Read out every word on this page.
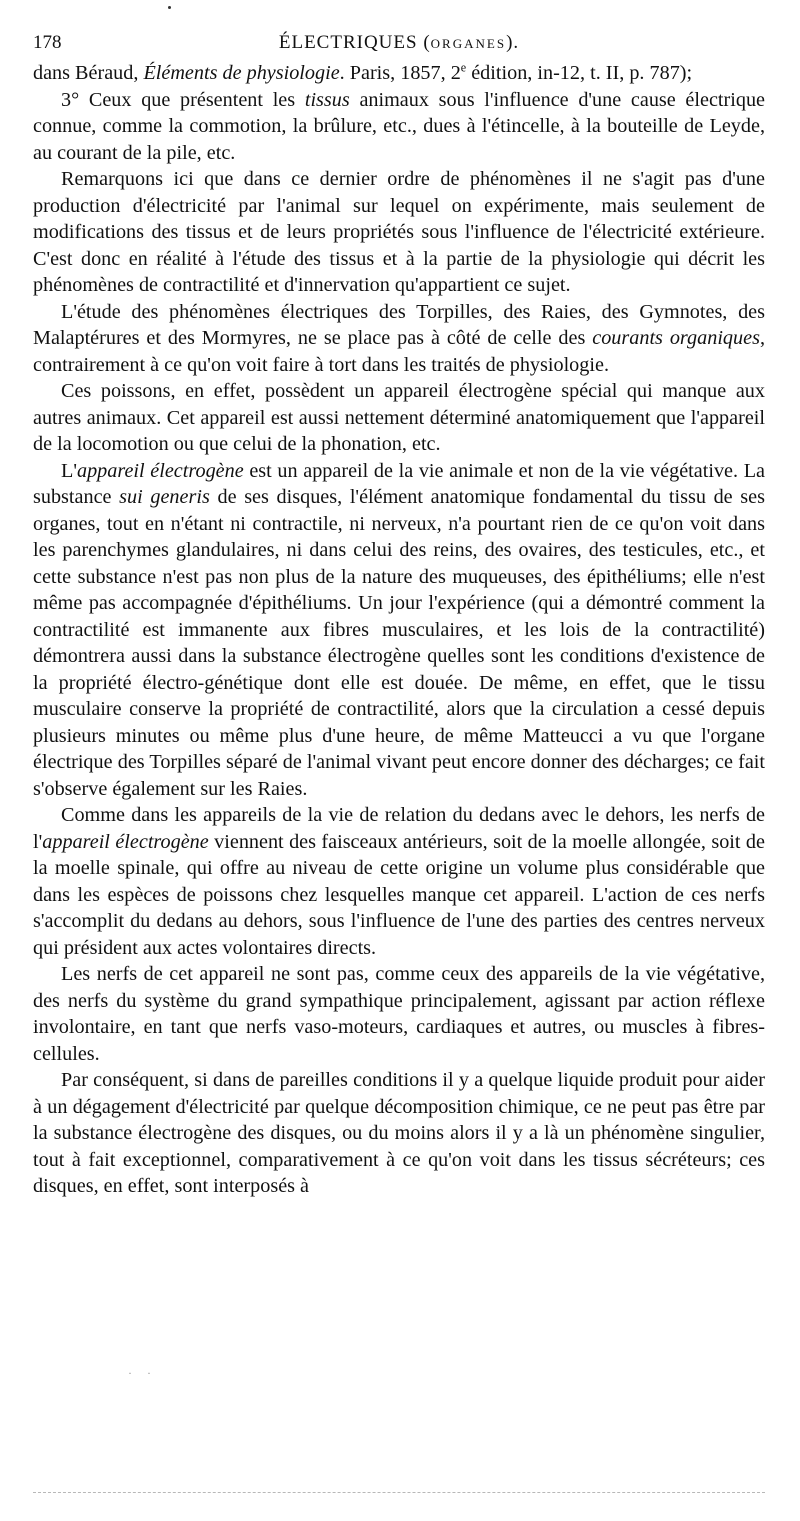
178	ÉLECTRIQUES (ORGANES).

dans Béraud, Éléments de physiologie. Paris, 1857, 2e édition, in-12, t. II, p. 787);

3° Ceux que présentent les tissus animaux sous l'influence d'une cause électrique connue, comme la commotion, la brûlure, etc., dues à l'étincelle, à la bouteille de Leyde, au courant de la pile, etc.

Remarquons ici que dans ce dernier ordre de phénomènes il ne s'agit pas d'une production d'électricité par l'animal sur lequel on expérimente, mais seulement de modifications des tissus et de leurs propriétés sous l'influence de l'électricité extérieure. C'est donc en réalité à l'étude des tissus et à la partie de la physiologie qui décrit les phénomènes de contractilité et d'innervation qu'appartient ce sujet.

L'étude des phénomènes électriques des Torpilles, des Raies, des Gymnotes, des Malaptérures et des Mormyres, ne se place pas à côté de celle des courants organiques, contrairement à ce qu'on voit faire à tort dans les traités de physiologie.

Ces poissons, en effet, possèdent un appareil électrogène spécial qui manque aux autres animaux. Cet appareil est aussi nettement déterminé anatomiquement que l'appareil de la locomotion ou que celui de la phonation, etc.

L'appareil électrogène est un appareil de la vie animale et non de la vie végétative. La substance sui generis de ses disques, l'élément anatomique fondamental du tissu de ses organes, tout en n'étant ni contractile, ni nerveux, n'a pourtant rien de ce qu'on voit dans les parenchymes glandulaires, ni dans celui des reins, des ovaires, des testicules, etc., et cette substance n'est pas non plus de la nature des muqueuses, des épithéliums; elle n'est même pas accompagnée d'épithéliums. Un jour l'expérience (qui a démontré comment la contractilité est immanente aux fibres musculaires, et les lois de la contractilité) démontrera aussi dans la substance électrogène quelles sont les conditions d'existence de la propriété électro-génétique dont elle est douée. De même, en effet, que le tissu musculaire conserve la propriété de contractilité, alors que la circulation a cessé depuis plusieurs minutes ou même plus d'une heure, de même Matteucci a vu que l'organe électrique des Torpilles séparé de l'animal vivant peut encore donner des décharges; ce fait s'observe également sur les Raies.

Comme dans les appareils de la vie de relation du dedans avec le dehors, les nerfs de l'appareil électrogène viennent des faisceaux antérieurs, soit de la moelle allongée, soit de la moelle spinale, qui offre au niveau de cette origine un volume plus considérable que dans les espèces de poissons chez lesquelles manque cet appareil. L'action de ces nerfs s'accomplit du dedans au dehors, sous l'influence de l'une des parties des centres nerveux qui président aux actes volontaires directs.

Les nerfs de cet appareil ne sont pas, comme ceux des appareils de la vie végétative, des nerfs du système du grand sympathique principalement, agissant par action réflexe involontaire, en tant que nerfs vaso-moteurs, cardiaques et autres, ou muscles à fibres-cellules.

Par conséquent, si dans de pareilles conditions il y a quelque liquide produit pour aider à un dégagement d'électricité par quelque décomposition chimique, ce ne peut pas être par la substance électrogène des disques, ou du moins alors il y a là un phénomène singulier, tout à fait exceptionnel, comparativement à ce qu'on voit dans les tissus sécréteurs; ces disques, en effet, sont interposés à

· ·
